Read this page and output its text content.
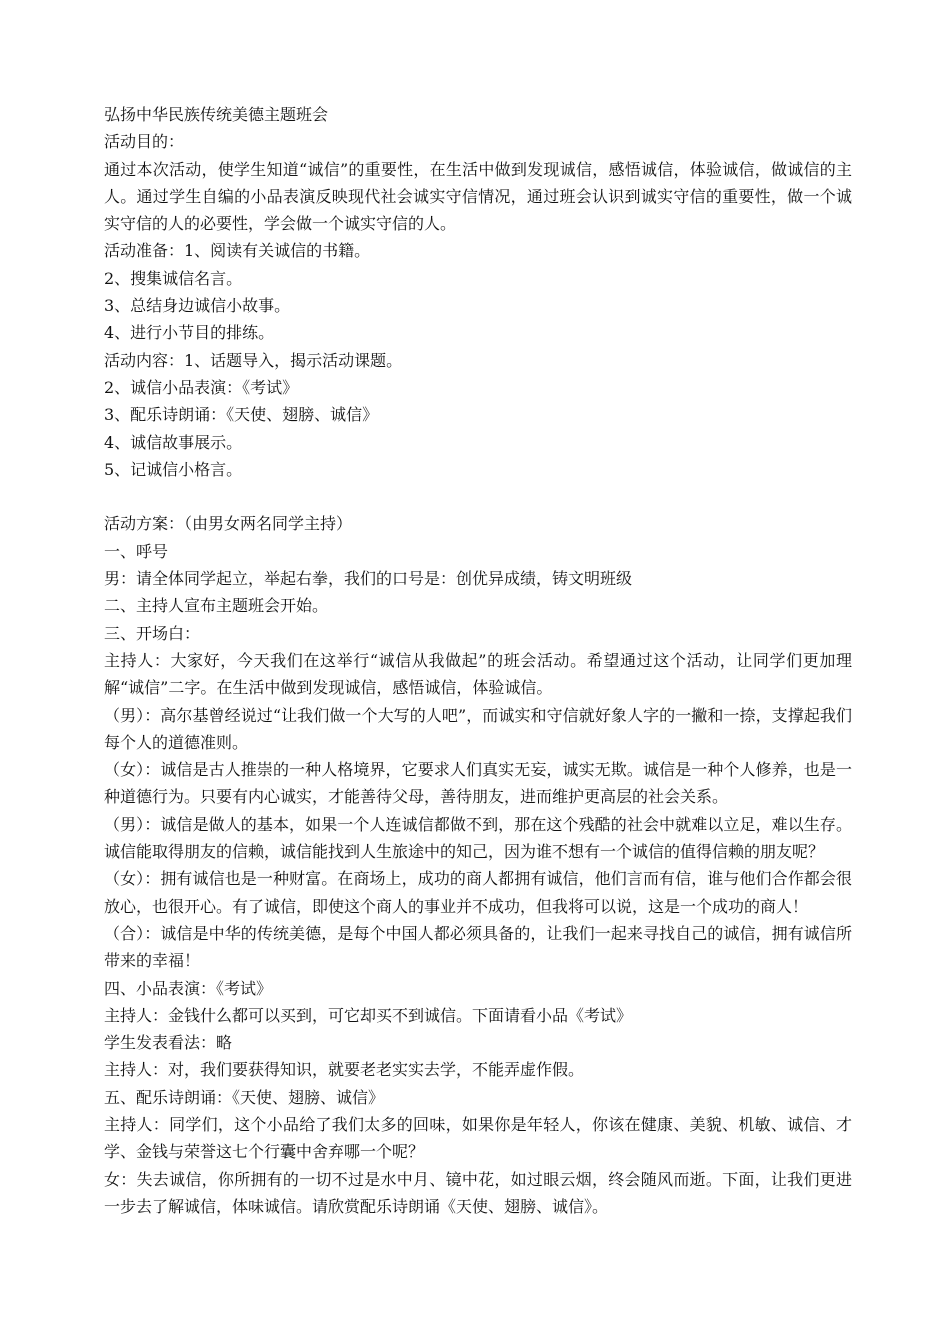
弘扬中华民族传统美德主题班会

活动目的：

通过本次活动，使学生知道“诚信”的重要性，在生活中做到发现诚信，感悟诚信，体验诚信，做诚信的主人。通过学生自编的小品表演反映现代社会诚实守信情况，通过班会认识到诚实守信的重要性，做一个诚实守信的人的必要性，学会做一个诚实守信的人。

活动准备：1、阅读有关诚信的书籍。

2、搜集诚信名言。

3、总结身边诚信小故事。

4、进行小节目的排练。

活动内容：1、话题导入，揭示活动课题。

2、诚信小品表演：《考试》

3、配乐诗朗诵：《天使、翅膀、诚信》

4、诚信故事展示。

5、记诚信小格言。

活动方案：（由男女两名同学主持）

一、呼号

男：请全体同学起立，举起右拳，我们的口号是：创优异成绩，铸文明班级

二、主持人宣布主题班会开始。

三、开场白：

主持人：大家好，今天我们在这举行“诚信从我做起”的班会活动。希望通过这个活动，让同学们更加理解“诚信”二字。在生活中做到发现诚信，感悟诚信，体验诚信。

（男）：高尔基曾经说过“让我们做一个大写的人吧”，而诚实和守信就好象人字的一撇和一捺，支撑起我们每个人的道德准则。

（女）：诚信是古人推崇的一种人格境界，它要求人们真实无妄，诚实无欺。诚信是一种个人修养，也是一种道德行为。只要有内心诚实，才能善待父母，善待朋友，进而维护更高层的社会关系。

（男）：诚信是做人的基本，如果一个人连诚信都做不到，那在这个残酷的社会中就难以立足，难以生存。诚信能取得朋友的信赖，诚信能找到人生旅途中的知己，因为谁不想有一个诚信的值得信赖的朋友呢？

（女）：拥有诚信也是一种财富。在商场上，成功的商人都拥有诚信，他们言而有信，谁与他们合作都会很放心，也很开心。有了诚信，即使这个商人的事业并不成功，但我将可以说，这是一个成功的商人！

（合）：诚信是中华的传统美德，是每个中国人都必须具备的，让我们一起来寻找自己的诚信，拥有诚信所带来的幸福！

四、小品表演：《考试》

主持人：金钱什么都可以买到，可它却买不到诚信。下面请看小品《考试》

学生发表看法：略

主持人：对，我们要获得知识，就要老老实实去学，不能弄虚作假。

五、配乐诗朗诵：《天使、翅膀、诚信》

主持人：同学们，这个小品给了我们太多的回味，如果你是年轻人，你该在健康、美貌、机敏、诚信、才学、金钱与荣誉这七个行囊中舍弃哪一个呢？

女：失去诚信，你所拥有的一切不过是水中月、镜中花，如过眼云烟，终会随风而逝。下面，让我们更进一步去了解诚信，体味诚信。请欣赏配乐诗朗诵《天使、翅膀、诚信》。
